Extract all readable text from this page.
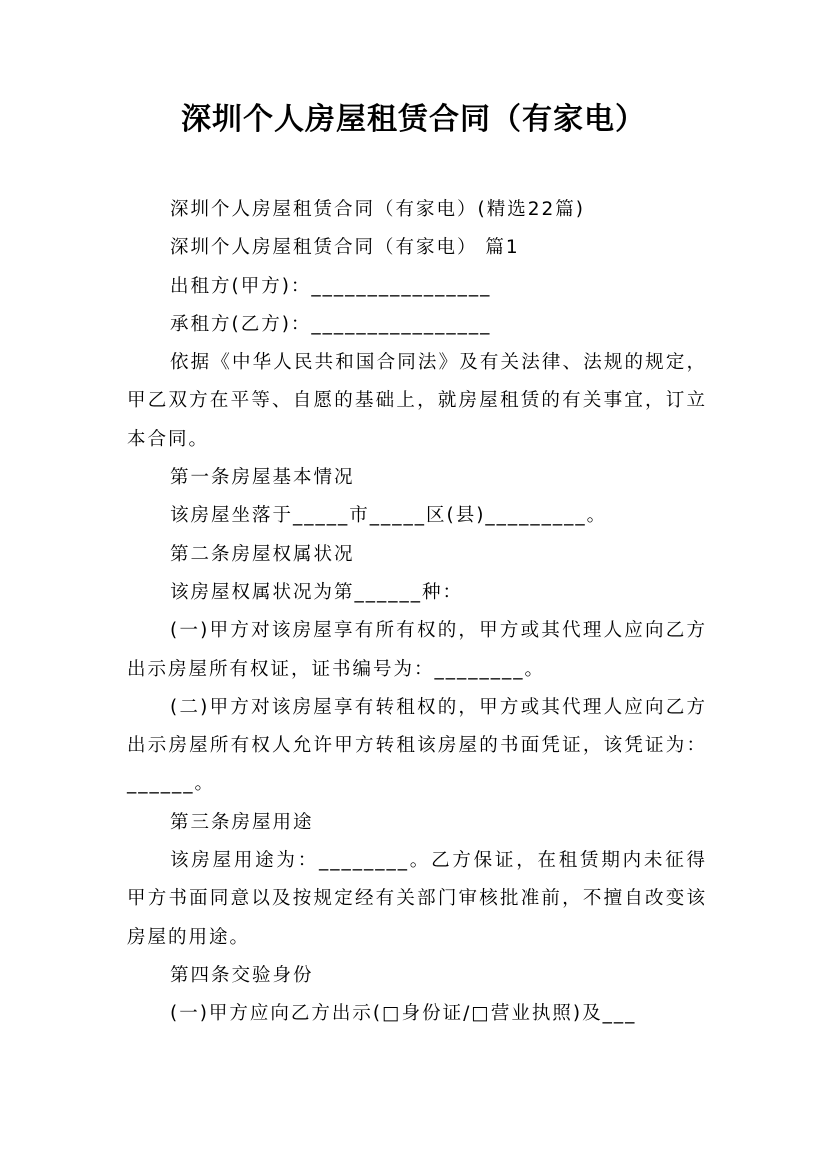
深圳个人房屋租赁合同（有家电）

深圳个人房屋租赁合同（有家电）(精选22篇)

深圳个人房屋租赁合同（有家电） 篇1

出租方(甲方)：________________

承租方(乙方)：________________

依据《中华人民共和国合同法》及有关法律、法规的规定，甲乙双方在平等、自愿的基础上，就房屋租赁的有关事宜，订立本合同。

第一条房屋基本情况

该房屋坐落于_____市_____区(县)_________。

第二条房屋权属状况

该房屋权属状况为第______种：

(一)甲方对该房屋享有所有权的，甲方或其代理人应向乙方出示房屋所有权证，证书编号为：________。

(二)甲方对该房屋享有转租权的，甲方或其代理人应向乙方出示房屋所有权人允许甲方转租该房屋的书面凭证，该凭证为：______。

第三条房屋用途

该房屋用途为：________。乙方保证，在租赁期内未征得甲方书面同意以及按规定经有关部门审核批准前，不擅自改变该房屋的用途。

第四条交验身份

(一)甲方应向乙方出示(□身份证/□营业执照)及___
